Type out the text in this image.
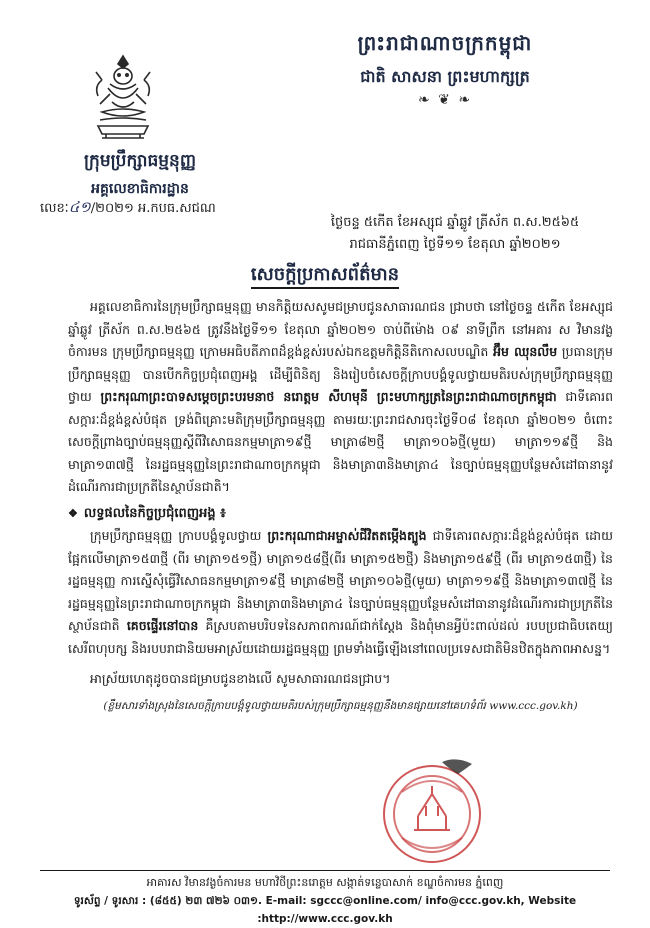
ព្រះរាជាណាចក្រកម្ពុជា
ជាតិ សាសនា ព្រះមហាក្សត្រ
❧ ❦ ❧
ក្រុមប្រឹក្សាធម្មនុញ្ញ
អគ្គលេខាធិការដ្ឋាន
លេខៈ៤១/២០២១ អ.កបធ.សជណ
ថ្ងៃចន្ទ ៥កើត ខែអស្សុជ ឆ្នាំឆ្លូវ ត្រីស័ក ព.ស.២៥៦៥
រាជធានីភ្នំពេញ ថ្ងៃទី១១ ខែតុលា ឆ្នាំ២០២១
សេចក្តីប្រកាសព័ត៌មាន

អគ្គលេខាធិការនៃក្រុមប្រឹក្សាធម្មនុញ្ញ មានកិត្តិយសសូមជម្រាបជូនសាធារណជន ជ្រាបថា នៅថ្ងៃចន្ទ ៥កើត ខែអស្សុជ ឆ្នាំឆ្លូវ ត្រីស័ក ព.ស.២៥៦៥ ត្រូវនឹងថ្ងៃទី១១ ខែតុលា ឆ្នាំ២០២១ ចាប់ពីម៉ោង ០៩ នាទីព្រឹក នៅអគារ ស វិមានវង្ងចំការមន ក្រុមប្រឹក្សាធម្មនុញ្ញ ក្រោមអធិបតីភាពដ៏ខ្ពង់ខ្ពស់របស់ឯកឧត្តមកិត្តិនីតិកោសលបណ្ឌិត អ៊ឹម ឈុនលឹម ប្រធានក្រុមប្រឹក្សាធម្មនុញ្ញ បានបើកកិច្ចប្រជុំពេញអង្គ ដើម្បីពិនិត្យ និងរៀបចំសេចក្តីក្រាបបង្គំទូលថ្វាយមតិរបស់ក្រុមប្រឹក្សាធម្មនុញ្ញ ថ្វាយ ព្រះករុណាព្រះបាទសម្តេចព្រះបរមនាថ នរោត្តម សីហមុនី ព្រះមហាក្សត្រនៃព្រះរាជាណាចក្រកម្ពុជា ជាទីគោរពសក្ការៈដ៏ខ្ពង់ខ្ពស់បំផុត ទ្រង់ពិគ្រោះមតិក្រុមប្រឹក្សាធម្មនុញ្ញ តាមរយៈព្រះរាជសារចុះថ្ងៃទី០៨ ខែតុលា ឆ្នាំ២០២១ ចំពោះសេចក្តីព្រាងច្បាប់ធម្មនុញ្ញស្តីពីវិសោធនកម្មមាត្រា១៩ថ្មី មាត្រា៨២ថ្មី មាត្រា១០៦ថ្មី(មួយ) មាត្រា១១៩ថ្មី និង មាត្រា១៣៧ថ្មី នៃរដ្ឋធម្មនុញ្ញនៃព្រះរាជាណាចក្រកម្ពុជា និងមាត្រា៣និងមាត្រា៤ នៃច្បាប់ធម្មនុញ្ញបន្ថែមសំដៅធានានូវដំណើរការជាប្រក្រតីនៃស្ថាប័នជាតិ។

❖ លទ្ធផលនៃកិច្ចប្រជុំពេញអង្គ ៖

ក្រុមប្រឹក្សាធម្មនុញ្ញ ក្រាបបង្គំទូលថ្វាយ ព្រះករុណាជាអម្ចាស់ជីវិតតម្កើងត្បូង ជាទីគោរពសក្ការៈដ៏ខ្ពង់ខ្ពស់បំផុត ដោយផ្អែកលើមាត្រា១៥៣ថ្មី (ពីរ មាត្រា១៥១ថ្មី) មាត្រា១៥៨ថ្មី(ពីរ មាត្រា១៥២ថ្មី) និងមាត្រា១៥៩ថ្មី (ពីរ មាត្រា១៥៣ថ្មី) នៃរដ្ឋធម្មនុញ្ញ ការស្នើសុំធ្វើវិសោធនកម្មមាត្រា១៩ថ្មី មាត្រា៨២ថ្មី មាត្រា១០៦ថ្មី(មួយ) មាត្រា១១៩ថ្មី និងមាត្រា១៣៧ថ្មី នៃរដ្ឋធម្មនុញ្ញនៃព្រះរាជាណាចក្រកម្ពុជា និងមាត្រា៣និងមាត្រា៤ នៃច្បាប់ធម្មនុញ្ញបន្ថែមសំដៅធានានូវដំណើរការជាប្រក្រតីនៃស្ថាប័នជាតិ គេចផ្ទើរនៅបាន គឺស្របតាមបរិបទនៃសភាពការណ៍ជាក់ស្តែង និងពុំមានអ្វីប៉ះពាល់ដល់ របបប្រជាធិបតេយ្យសេរីពហុបក្ស និងរបបរាជានិយមអាស្រ័យដោយរដ្ឋធម្មនុញ្ញ ព្រមទាំងធ្វើឡើងនៅពេលប្រទេសជាតិមិនឋិតក្នុងភាពអាសន្ន។

អាស្រ័យហេតុដូចបានជម្រាបជូនខាងលើ សូមសាធារណជនជ្រាប។
(ខ្លឹមសារទាំងស្រុងនៃសេចក្តីក្រាបបង្គំទូលថ្វាយមតិរបស់ក្រុមប្រឹក្សាធម្មនុញ្ញនឹងមានផ្សាយនៅគេហទំព័រ www.ccc.gov.kh)
អាគារស វិមានវង្ងចំការមន មហាវិថីព្រះនរោត្តម សង្កាត់ទន្លេបាសាក់ ខណ្ឌចំការមន ភ្នំពេញ
ទូរស័ព្ទ / ទូរសារ : (៨៥៥) ២៣ ៧២៦ ០៣១. E-mail: sgccc@online.com/ info@ccc.gov.kh, Website :http://www.ccc.gov.kh
